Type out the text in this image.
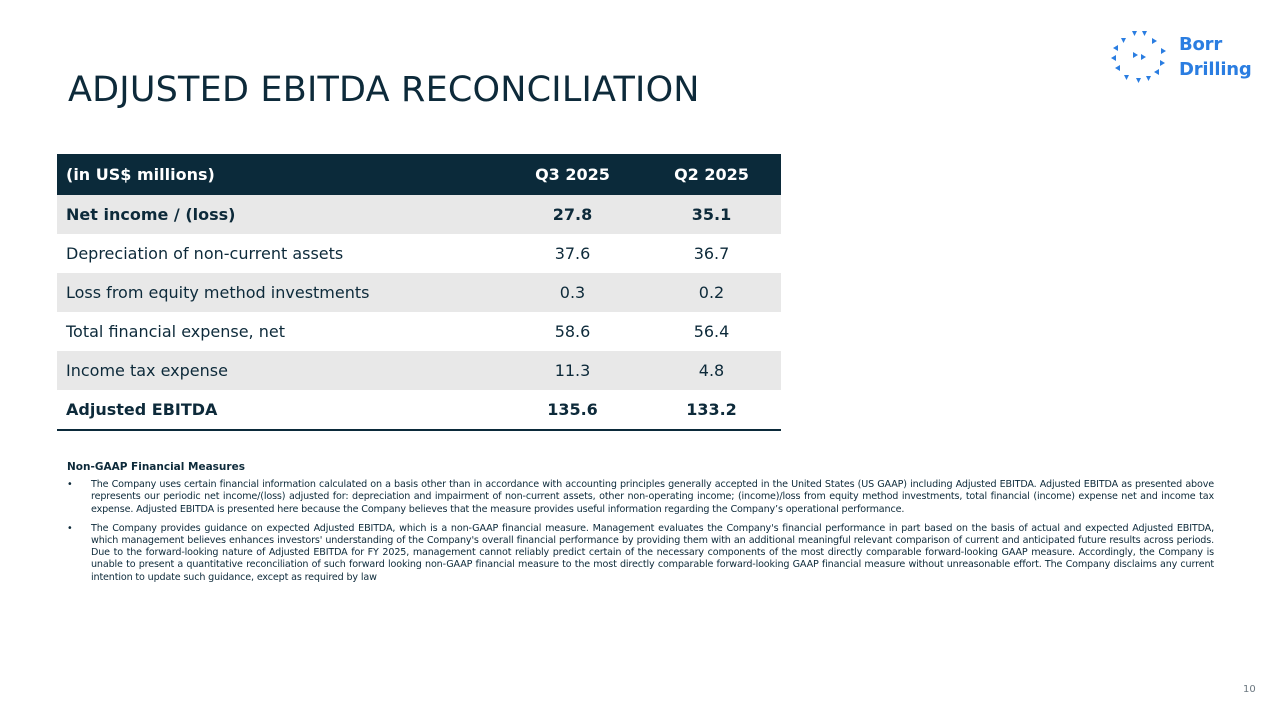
Borr
Drilling
ADJUSTED EBITDA RECONCILIATION
(in US$ millions)	Q3 2025	Q2 2025
Net income / (loss)	27.8	35.1
Depreciation of non-current assets	37.6	36.7
Loss from equity method investments	0.3	0.2
Total financial expense, net	58.6	56.4
Income tax expense	11.3	4.8
Adjusted EBITDA	135.6	133.2
Non-GAAP Financial Measures
• The Company uses certain financial information calculated on a basis other than in accordance with accounting principles generally accepted in the United States (US GAAP) including Adjusted EBITDA. Adjusted EBITDA as presented above represents our periodic net income/(loss) adjusted for: depreciation and impairment of non-current assets, other non-operating income; (income)/loss from equity method investments, total financial (income) expense net and income tax expense. Adjusted EBITDA is presented here because the Company believes that the measure provides useful information regarding the Company’s operational performance.
• The Company provides guidance on expected Adjusted EBITDA, which is a non-GAAP financial measure. Management evaluates the Company's financial performance in part based on the basis of actual and expected Adjusted EBITDA, which management believes enhances investors' understanding of the Company's overall financial performance by providing them with an additional meaningful relevant comparison of current and anticipated future results across periods. Due to the forward-looking nature of Adjusted EBITDA for FY 2025, management cannot reliably predict certain of the necessary components of the most directly comparable forward-looking GAAP measure. Accordingly, the Company is unable to present a quantitative reconciliation of such forward looking non-GAAP financial measure to the most directly comparable forward-looking GAAP financial measure without unreasonable effort. The Company disclaims any current intention to update such guidance, except as required by law
10
